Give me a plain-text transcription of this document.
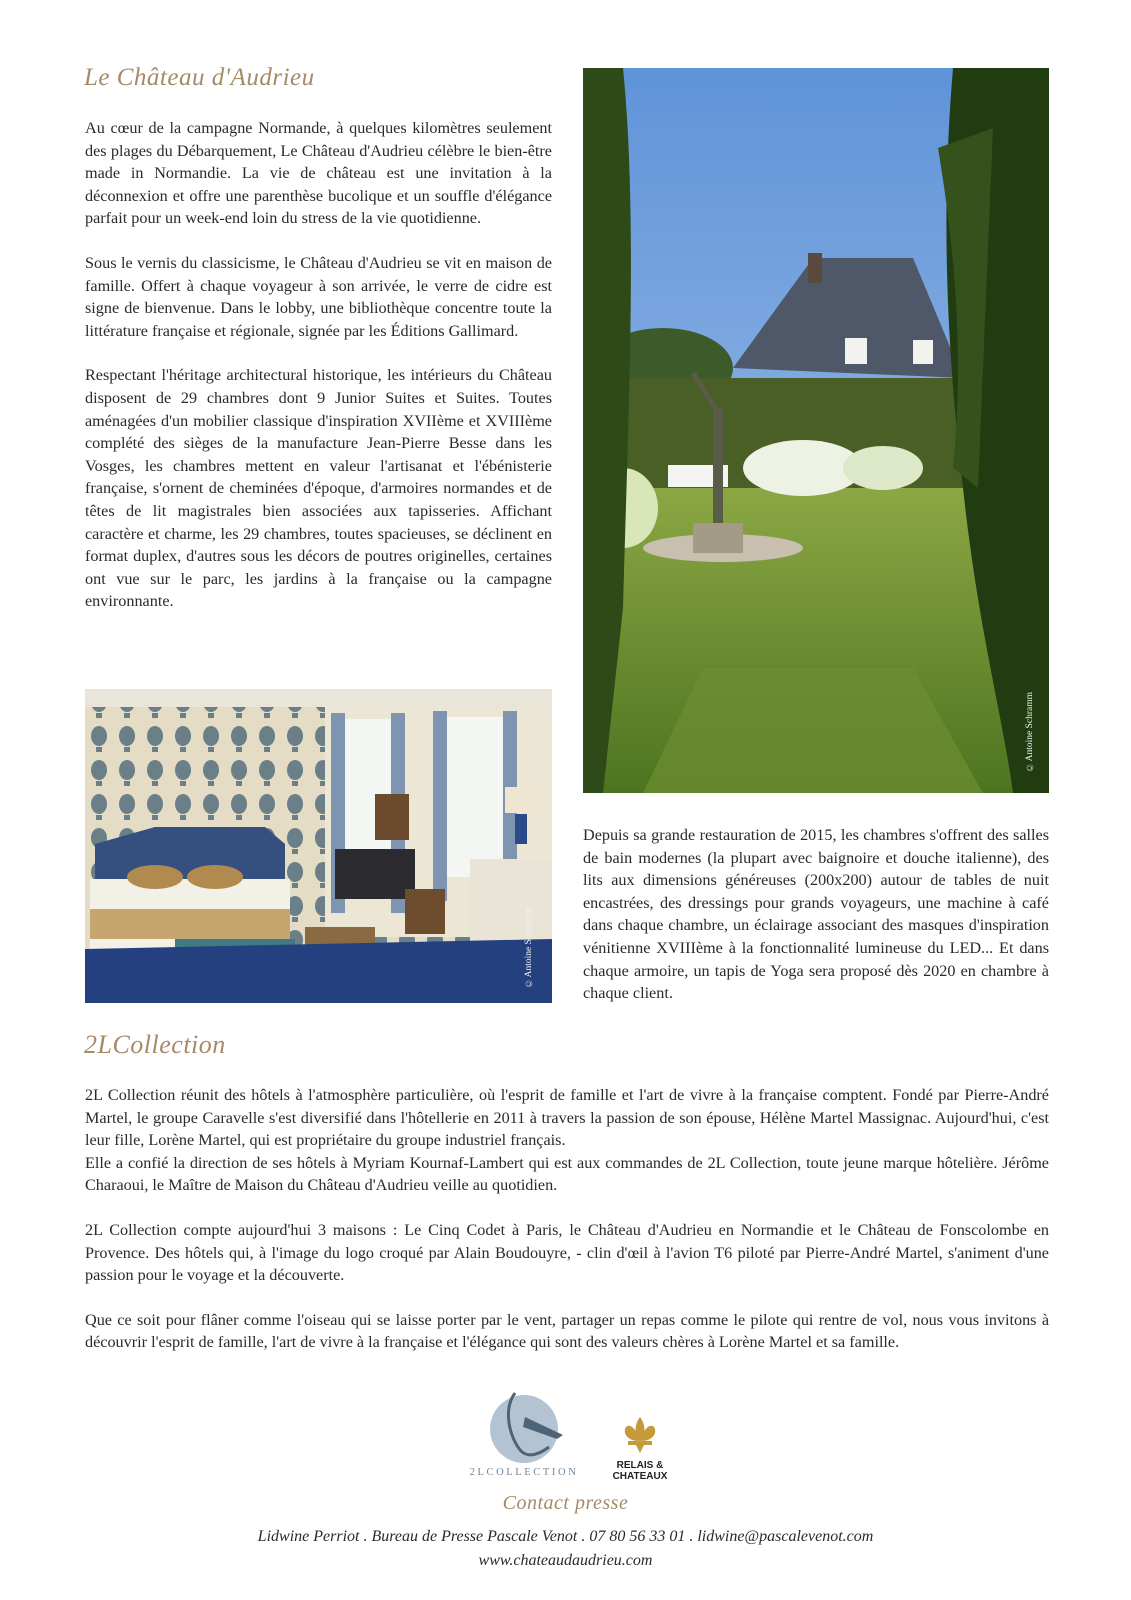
Le Château d'Audrieu

Au cœur de la campagne Normande, à quelques kilomètres seulement des plages du Débarquement, Le Château d'Audrieu célèbre le bien-être made in Normandie. La vie de château est une invitation à la déconnexion et offre une parenthèse bucolique et un souffle d'élégance parfait pour un week-end loin du stress de la vie quotidienne.

Sous le vernis du classicisme, le Château d'Audrieu se vit en maison de famille. Offert à chaque voyageur à son arrivée, le verre de cidre est signe de bienvenue. Dans le lobby, une bibliothèque concentre toute la littérature française et régionale, signée par les Éditions Gallimard.

Respectant l'héritage architectural historique, les intérieurs du Château disposent de 29 chambres dont 9 Junior Suites et Suites. Toutes aménagées d'un mobilier classique d'inspiration XVIIème et XVIIIème complété des sièges de la manufacture Jean-Pierre Besse dans les Vosges, les chambres mettent en valeur l'artisanat et l'ébénisterie française, s'ornent de cheminées d'époque, d'armoires normandes et de têtes de lit magistrales bien associées aux tapisseries. Affichant caractère et charme, les 29 chambres, toutes spacieuses, se déclinent en format duplex, d'autres sous les décors de poutres originelles, certaines ont vue sur le parc, les jardins à la française ou la campagne environnante.

©Antoine Schramm
©Antoine Schramm

Depuis sa grande restauration de 2015, les chambres s'offrent des salles de bain modernes (la plupart avec baignoire et douche italienne), des lits aux dimensions généreuses (200x200) autour de tables de nuit encastrées, des dressings pour grands voyageurs, une machine à café dans chaque chambre, un éclairage associant des masques d'inspiration vénitienne XVIIIème à la fonctionnalité lumineuse du LED... Et dans chaque armoire, un tapis de Yoga sera proposé dès 2020 en chambre à chaque client.

2LCollection

2L Collection réunit des hôtels à l'atmosphère particulière, où l'esprit de famille et l'art de vivre à la française comptent. Fondé par Pierre-André Martel, le groupe Caravelle s'est diversifié dans l'hôtellerie en 2011 à travers la passion de son épouse, Hélène Martel Massignac. Aujourd'hui, c'est leur fille, Lorène Martel, qui est propriétaire du groupe industriel français.

Elle a confié la direction de ses hôtels à Myriam Kournaf-Lambert qui est aux commandes de 2L Collection, toute jeune marque hôtelière. Jérôme Charaoui, le Maître de Maison du Château d'Audrieu veille au quotidien.

2L Collection compte aujourd'hui 3 maisons : Le Cinq Codet à Paris, le Château d'Audrieu en Normandie et le Château de Fonscolombe en Provence. Des hôtels qui, à l'image du logo croqué par Alain Boudouyre, - clin d'œil à l'avion T6 piloté par Pierre-André Martel, s'animent d'une passion pour le voyage et la découverte.

Que ce soit pour flâner comme l'oiseau qui se laisse porter par le vent, partager un repas comme le pilote qui rentre de vol, nous vous invitons à découvrir l'esprit de famille, l'art de vivre à la française et l'élégance qui sont des valeurs chères à Lorène Martel et sa famille.

2LCOLLECTION
RELAIS &
CHATEAUX
Contact presse
Lidwine Perriot . Bureau de Presse Pascale Venot . 07 80 56 33 01 . lidwine@pascalevenot.com
www.chateaudaudrieu.com
